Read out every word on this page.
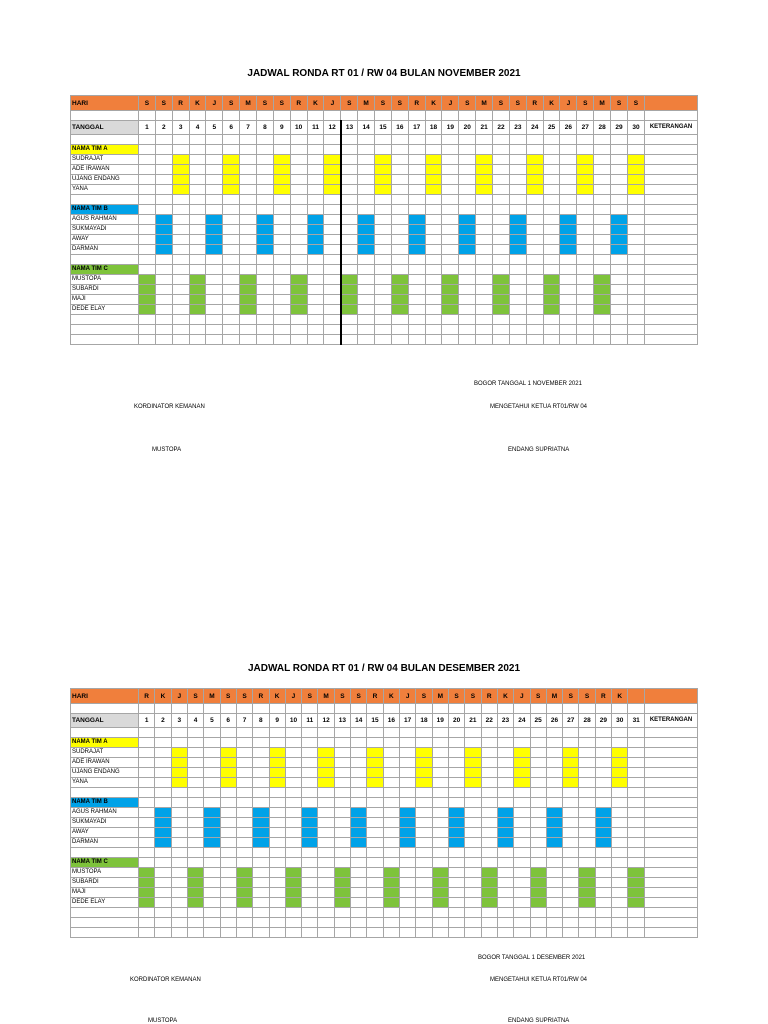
JADWAL RONDA RT 01 / RW 04 BULAN NOVEMBER 2021
HARI	S	S	R	K	J	S	M	S	S	R	K	J	S	M	S	S	R	K	J	S	M	S	S	R	K	J	S	M	S	S	

TANGGAL	1	2	3	4	5	6	7	8	9	10	11	12	13	14	15	16	17	18	19	20	21	22	23	24	25	26	27	28	29	30	KETERANGAN

NAMA TIM A																															
SUDRAJAT																															
ADE IRAWAN																															
UJANG ENDANG																															
YANA																															

NAMA TIM B																															
AGUS RAHMAN																															
SUKMAYADI																															
AWAY																															
DARMAN																															

NAMA TIM C																															
MUSTOPA																															
SUBARDI																															
MAJI																															
DEDE ELAY																															

BOGOR TANGGAL 1 NOVEMBER 2021
KORDINATOR KEMANAN	MENGETAHUI KETUA RT01/RW 04
MUSTOPA	ENDANG SUPRIATNA
JADWAL RONDA RT 01 / RW 04 BULAN DESEMBER 2021
HARI	R	K	J	S	M	S	S	R	K	J	S	M	S	S	R	K	J	S	M	S	S	R	K	J	S	M	S	S	R	K		

TANGGAL	1	2	3	4	5	6	7	8	9	10	11	12	13	14	15	16	17	18	19	20	21	22	23	24	25	26	27	28	29	30	31	KETERANGAN

NAMA TIM A																																
SUDRAJAT																																
ADE IRAWAN																																
UJANG ENDANG																																
YANA																																

NAMA TIM B																																
AGUS RAHMAN																																
SUKMAYADI																																
AWAY																																
DARMAN																																

NAMA TIM C																																
MUSTOPA																																
SUBARDI																																
MAJI																																
DEDE ELAY																																

BOGOR TANGGAL 1 DESEMBER 2021
KORDINATOR KEMANAN	MENGETAHUI KETUA RT01/RW 04
MUSTOPA	ENDANG SUPRIATNA
